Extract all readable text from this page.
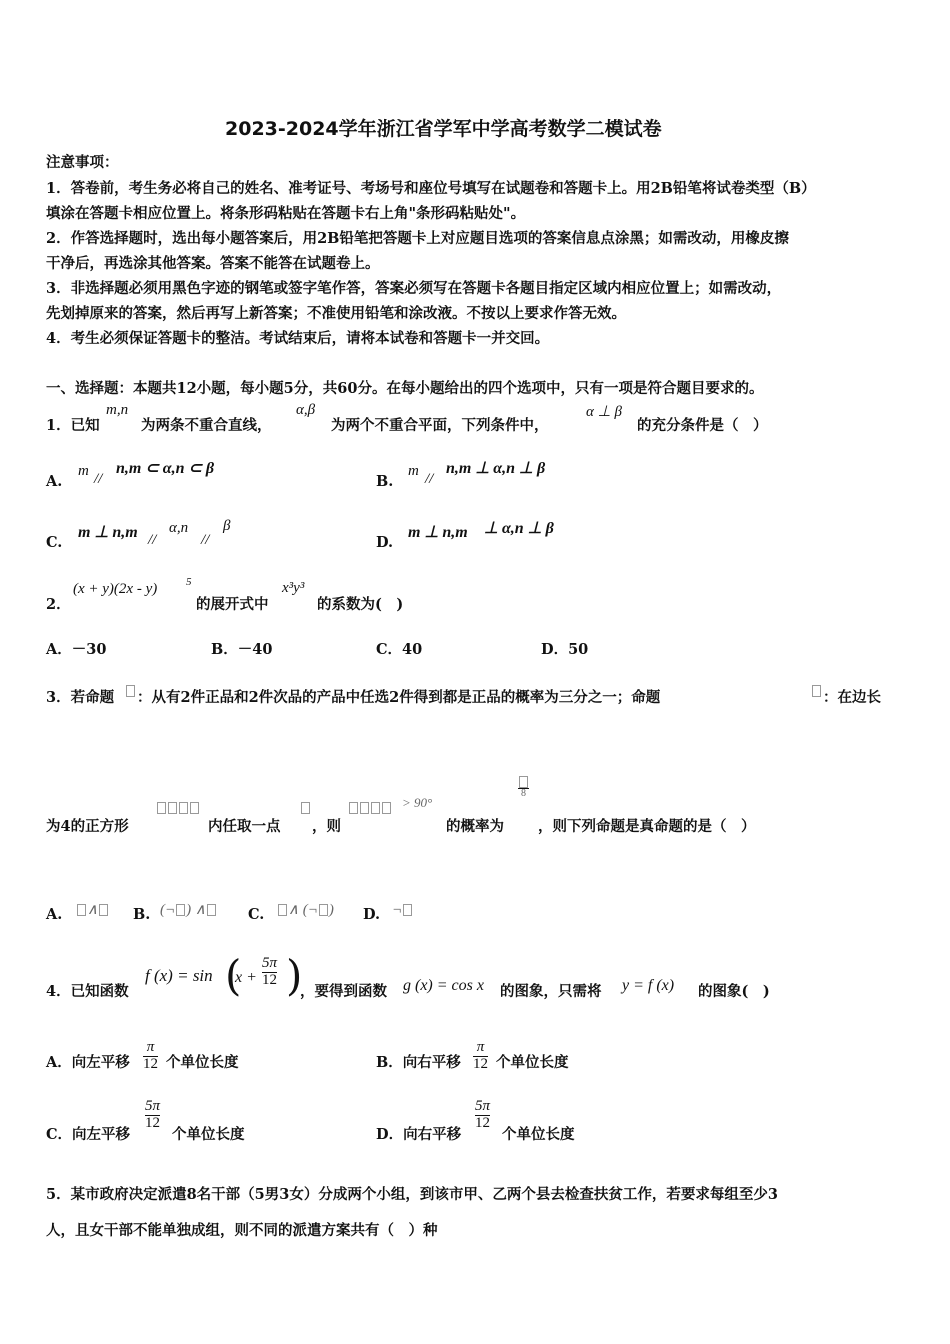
2023-2024学年浙江省学军中学高考数学二模试卷
注意事项：
1．答卷前，考生务必将自己的姓名、准考证号、考场号和座位号填写在试题卷和答题卡上。用2B铅笔将试卷类型（B）
填涂在答题卡相应位置上。将条形码粘贴在答题卡右上角"条形码粘贴处"。
2．作答选择题时，选出每小题答案后，用2B铅笔把答题卡上对应题目选项的答案信息点涂黑；如需改动，用橡皮擦
干净后，再选涂其他答案。答案不能答在试题卷上。
3．非选择题必须用黑色字迹的钢笔或签字笔作答，答案必须写在答题卡各题目指定区域内相应位置上；如需改动，
先划掉原来的答案，然后再写上新答案；不准使用铅笔和涂改液。不按以上要求作答无效。
4．考生必须保证答题卡的整洁。考试结束后，请将本试卷和答题卡一并交回。
一、选择题：本题共12小题，每小题5分，共60分。在每小题给出的四个选项中，只有一项是符合题目要求的。
1．已知
m,n
为两条不重合直线，
α,β
为两个不重合平面，下列条件中，
α ⊥ β
的充分条件是（　）
A.
m //
n,m ⊂ α,n ⊂ β
B.
m //
n,m ⊥ α,n ⊥ β
C.
m ⊥ n,m //
α,n
//
β
D.
m ⊥ n,m ⊥ α,n ⊥ β
2．
(x + y)(2x - y)	5
的展开式中
x³y³
的系数为(　)
A．－30	B．－40	C．40	D．50
3．若命题 ：从有2件正品和2件次品的产品中任选2件得到都是正品的概率为三分之一；命题	：在边长
为4的正方形	内任取一点 ，则
> 90°
的概率为
8
，则下列命题是真命题的是（　）
A.	∧	B. (¬ ) ∧	C.	∧ (¬ ) D. ¬
4．已知函数
f (x) = sin (
x +
5π
12 )
，要得到函数 g (x) = cos x 的图象，只需将 y = f (x) 的图象(　)
A．向左平移
π
12 个单位长度	B．向右平移
π
12 个单位长度
C．向左平移
5π
12
个单位长度	D．向右平移
5π
12
个单位长度
5．某市政府决定派遣8名干部（5男3女）分成两个小组，到该市甲、乙两个县去检查扶贫工作，若要求每组至少3
人，且女干部不能单独成组，则不同的派遣方案共有（　）种
